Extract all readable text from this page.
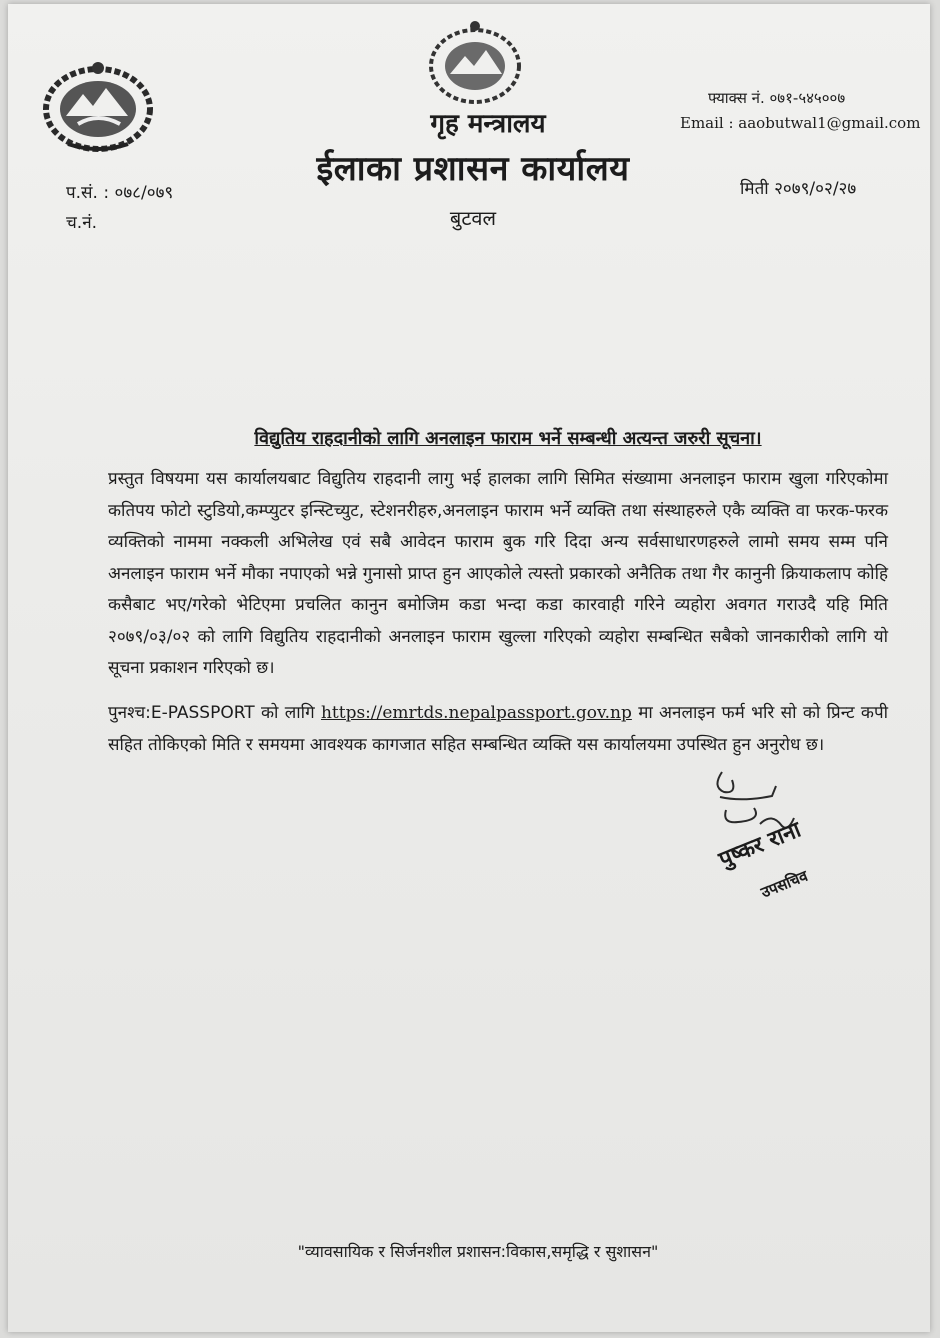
गृह मन्त्रालय
ईलाका प्रशासन कार्यालय
बुटवल
फ्याक्स नं. ०७१-५४५००७
Email : aaobutwal1@gmail.com
मिती २०७९/०२/२७
प.सं. : ०७८/०७९
च.नं.
विद्युतिय राहदानीको लागि अनलाइन फाराम भर्ने सम्बन्धी अत्यन्त जरुरी सूचना।
प्रस्तुत विषयमा यस कार्यालयबाट विद्युतिय राहदानी लागु भई हालका लागि सिमित संख्यामा अनलाइन फाराम खुला गरिएकोमा कतिपय फोटो स्टुडियो,कम्प्युटर इन्स्टिच्युट, स्टेशनरीहरु,अनलाइन फाराम भर्ने व्यक्ति तथा संस्थाहरुले एकै व्यक्ति वा फरक-फरक व्यक्तिको नाममा नक्कली अभिलेख एवं सबै आवेदन फाराम बुक गरि दिदा अन्य सर्वसाधारणहरुले लामो समय सम्म पनि अनलाइन फाराम भर्ने मौका नपाएको भन्ने गुनासो प्राप्त हुन आएकोले त्यस्तो प्रकारको अनैतिक तथा गैर कानुनी क्रियाकलाप कोहि कसैबाट भए/गरेको भेटिएमा प्रचलित कानुन बमोजिम कडा भन्दा कडा कारवाही गरिने व्यहोरा अवगत गराउदै यहि मिति २०७९/०३/०२ को लागि विद्युतिय राहदानीको अनलाइन फाराम खुल्ला गरिएको व्यहोरा सम्बन्धित सबैको जानकारीको लागि यो सूचना प्रकाशन गरिएको छ।
पुनश्च:E-PASSPORT को लागि https://emrtds.nepalpassport.gov.np मा अनलाइन फर्म भरि सो को प्रिन्ट कपी सहित तोकिएको मिति र समयमा आवश्यक कागजात सहित सम्बन्धित व्यक्ति यस कार्यालयमा उपस्थित हुन अनुरोध छ।
पुष्कर राना
उपसचिव
"व्यावसायिक र सिर्जनशील प्रशासन:विकास,समृद्धि र सुशासन"
